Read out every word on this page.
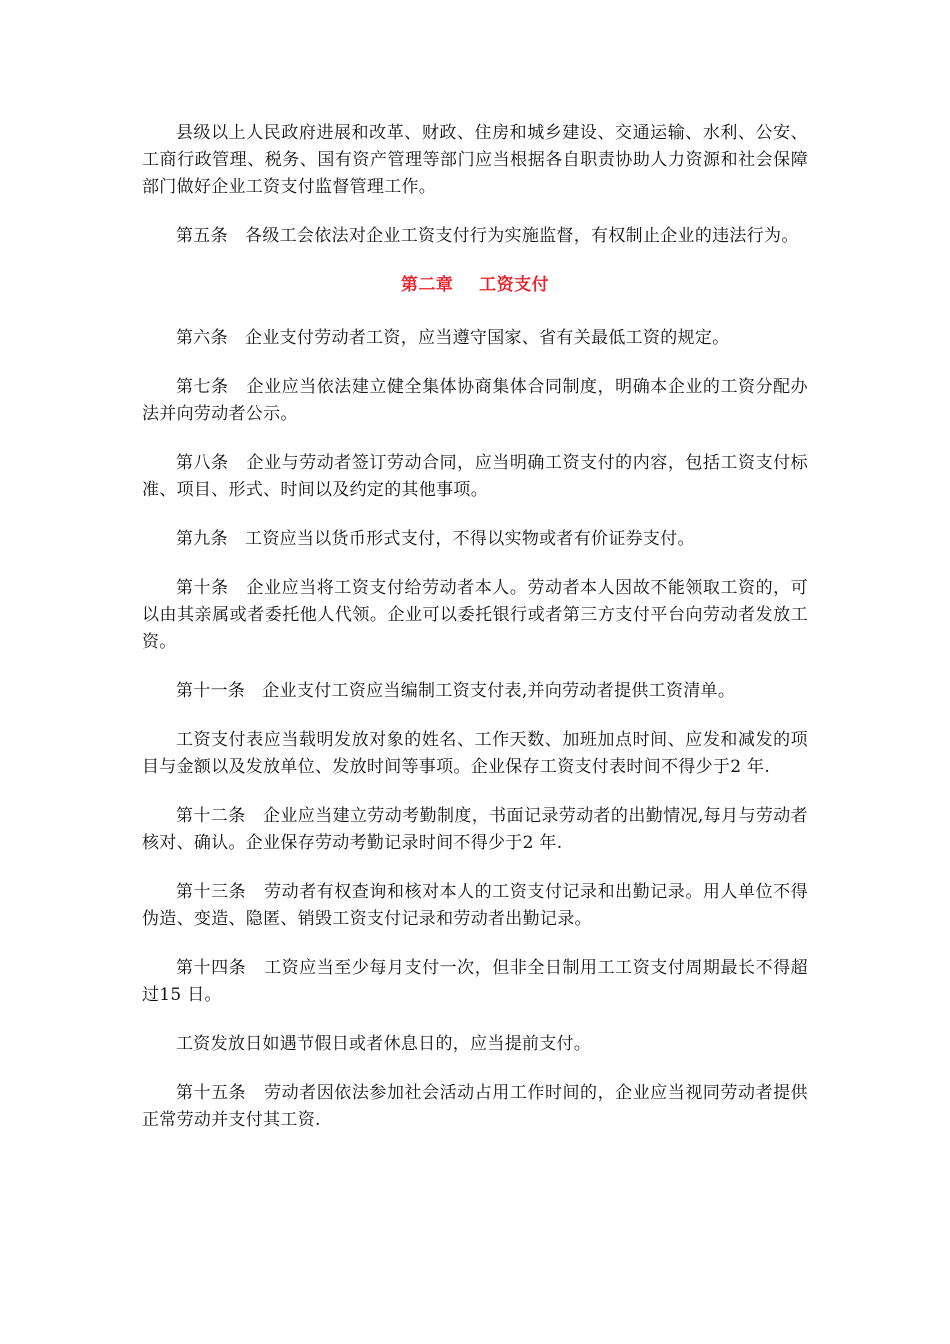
县级以上人民政府进展和改革、财政、住房和城乡建设、交通运输、水利、公安、工商行政管理、税务、国有资产管理等部门应当根据各自职责协助人力资源和社会保障部门做好企业工资支付监督管理工作。

第五条 各级工会依法对企业工资支付行为实施监督，有权制止企业的违法行为。

第二章 工资支付

第六条 企业支付劳动者工资，应当遵守国家、省有关最低工资的规定。

第七条 企业应当依法建立健全集体协商集体合同制度，明确本企业的工资分配办法并向劳动者公示。

第八条 企业与劳动者签订劳动合同，应当明确工资支付的内容，包括工资支付标准、项目、形式、时间以及约定的其他事项。

第九条 工资应当以货币形式支付，不得以实物或者有价证券支付。

第十条 企业应当将工资支付给劳动者本人。劳动者本人因故不能领取工资的，可以由其亲属或者委托他人代领。企业可以委托银行或者第三方支付平台向劳动者发放工资。

第十一条 企业支付工资应当编制工资支付表,并向劳动者提供工资清单。

工资支付表应当载明发放对象的姓名、工作天数、加班加点时间、应发和减发的项目与金额以及发放单位、发放时间等事项。企业保存工资支付表时间不得少于2 年.

第十二条 企业应当建立劳动考勤制度，书面记录劳动者的出勤情况,每月与劳动者核对、确认。企业保存劳动考勤记录时间不得少于2 年.

第十三条 劳动者有权查询和核对本人的工资支付记录和出勤记录。用人单位不得伪造、变造、隐匿、销毁工资支付记录和劳动者出勤记录。

第十四条 工资应当至少每月支付一次，但非全日制用工工资支付周期最长不得超过15 日。

工资发放日如遇节假日或者休息日的，应当提前支付。

第十五条 劳动者因依法参加社会活动占用工作时间的，企业应当视同劳动者提供正常劳动并支付其工资.
